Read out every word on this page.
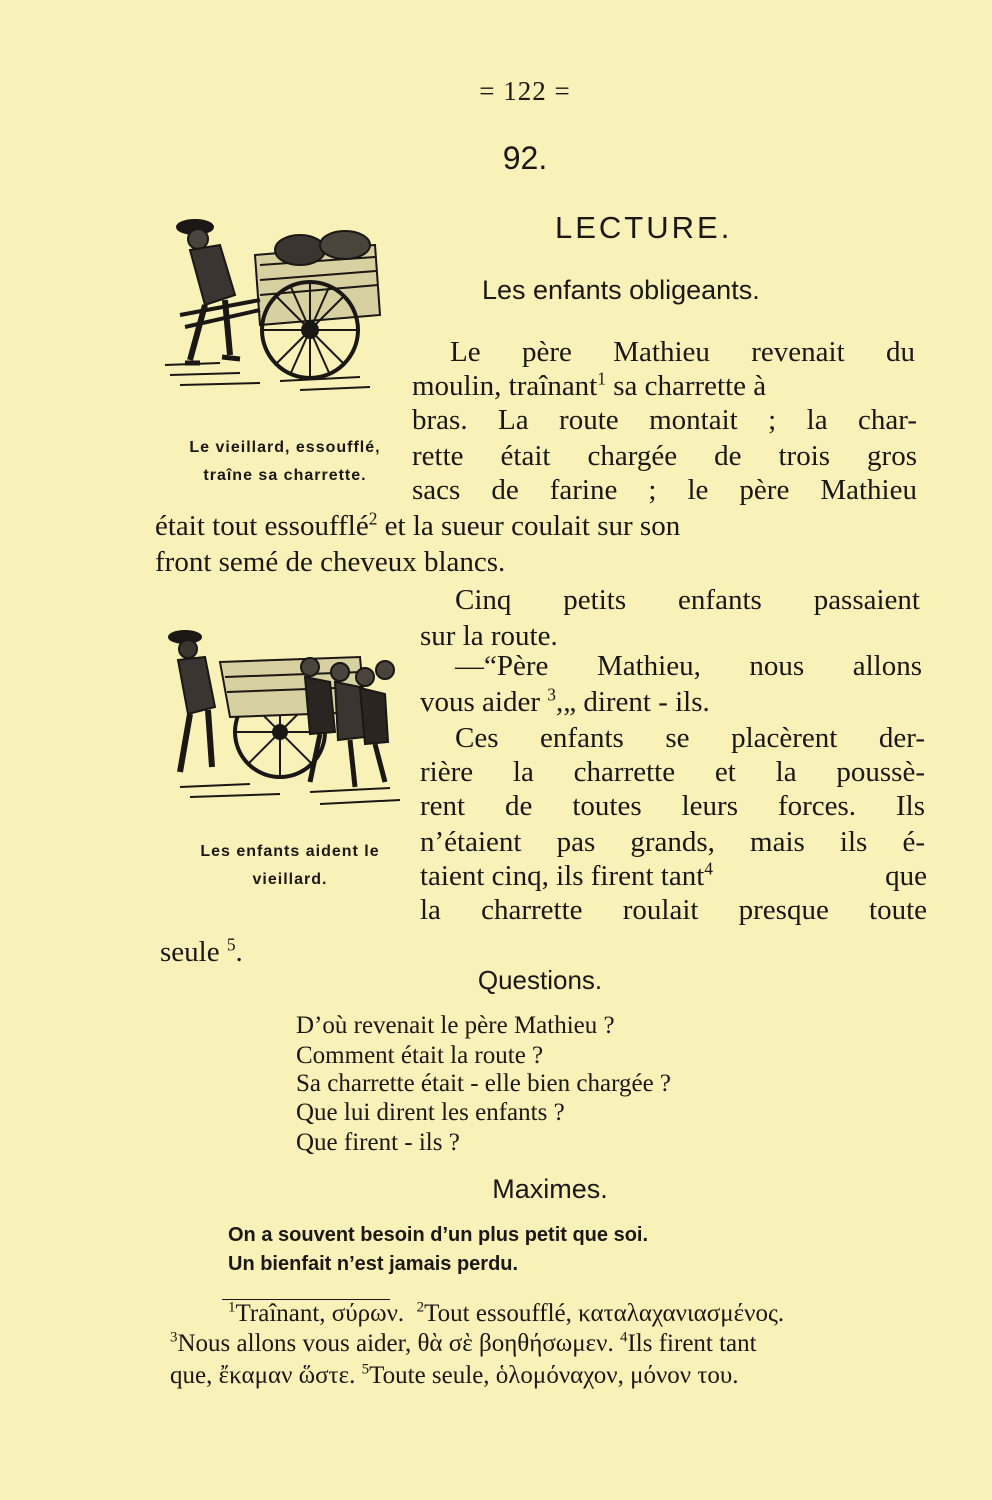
= 122 =
92.
LECTURE.
Les enfants obligeants.
Le vieillard, essoufflé,
traîne sa charrette.
Les enfants aident le
vieillard.
Le père Mathieu revenait du
moulin, traînant$^1$ sa charrette à
bras. La route montait ; la char-
rette était chargée de trois gros
sacs de farine ; le père Mathieu
était tout essoufflé$^2$ et la sueur coulait sur son
front semé de cheveux blancs.
Cinq petits enfants passaient
sur la route.
—“Père Mathieu, nous allons
vous aider $^3$,„ dirent - ils.
Ces enfants se placèrent der-
rière la charrette et la poussè-
rent de toutes leurs forces. Ils
n’étaient pas grands, mais ils é-
taient cinq, ils firent tant$^4$	que
la charrette roulait presque toute
seule $^5$.
Questions.
D’où revenait le père Mathieu ?
Comment était la route ?
Sa charrette était - elle bien chargée ?
Que lui dirent les enfants ?
Que firent - ils ?
Maximes.
On a souvent besoin d’un plus petit que soi.
Un bienfait n’est jamais perdu.
$^1$Traînant, σύρων. $^2$Tout essoufflé, καταλαχανιασμένος.
$^3$Nous allons vous aider, θὰ σὲ βοηθήσωμεν. $^4$Ils firent tant
que, ἔκαμαν ὥστε. $^5$Toute seule, ὁλομόναχον, μόνον του.
